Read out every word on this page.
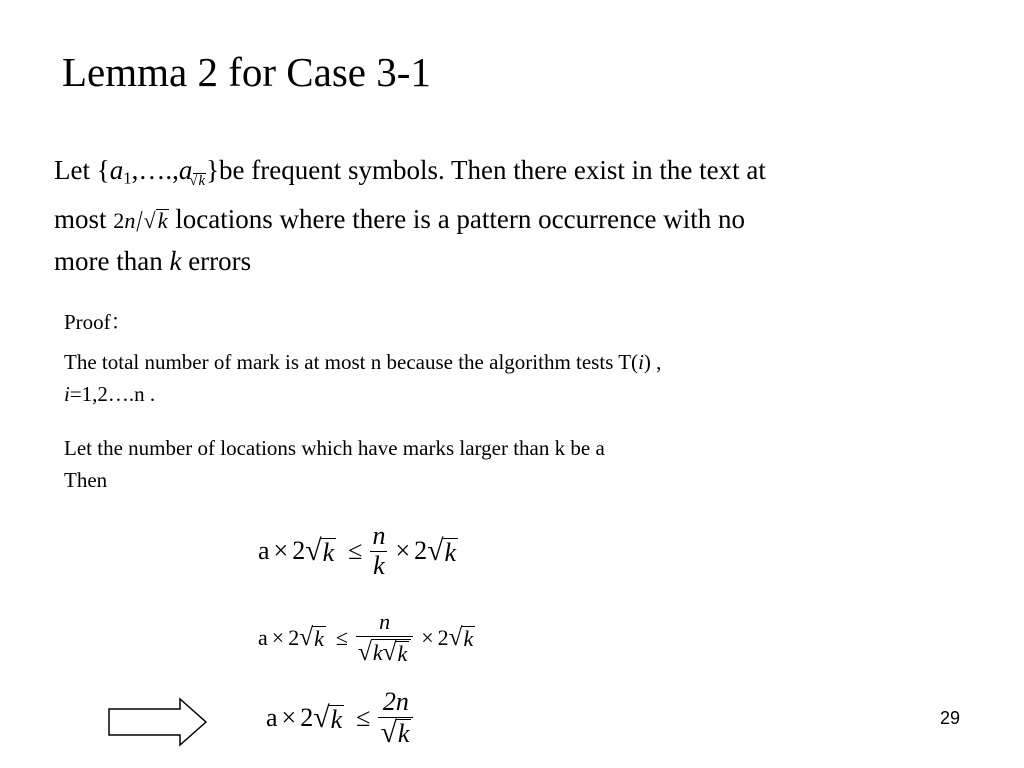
Lemma 2 for Case 3-1
Let $\{a_1,\dots.,a√k\}be$ frequent symbols. Then there exist in the text at
most 2n/√k locations where there is a pattern occurrence with no
more than k errors
Proof：
The total number of mark is at most n because the algorithm tests T(i) ,
i=1,2….n .
Let the number of locations which have marks larger than k be a
Then
a × 2 √ $k \le \frac{n}{k} \times 2$ √ k
a × 2 √ $k \le \frac{n}{√ k √ k} \times 2$ √ k
a × 2 √ $k \le \frac{2n}{√ k}$	29
